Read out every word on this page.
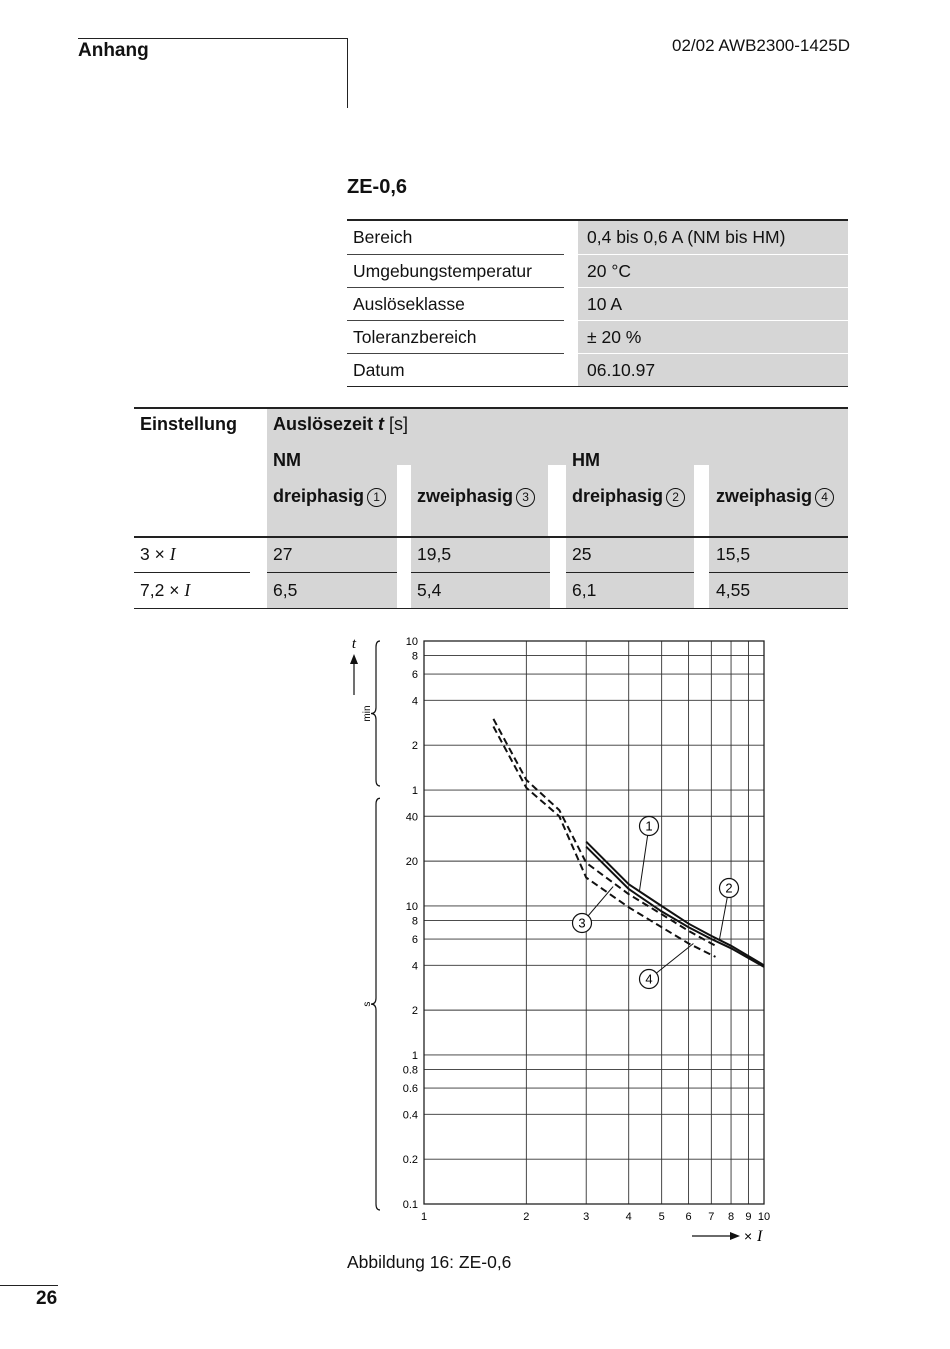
Anhang	02/02 AWB2300-1425D
ZE-0,6
Bereich	0,4 bis 0,6 A (NM bis HM)
Umgebungstemperatur	20 °C
Auslöseklasse	10 A
Toleranzbereich	± 20 %
Datum	06.10.97
Einstellung Auslösezeit t [s]
NM	HM
dreiphasig 1	zweiphasig 3	dreiphasig 2	zweiphasig 4
3 × I	27	19,5	25	15,5
7,2 × I	6,5	5,4	6,1	4,55
0.1
0.2
0.4
0.6
0.8
1
2
4
6
8
10
20
40
1
2
4
6
8
10
1	2	3	4 5 6 7 8 9 10
1
2
3
4
t
min
s
× I
Abbildung 16: ZE-0,6
26
